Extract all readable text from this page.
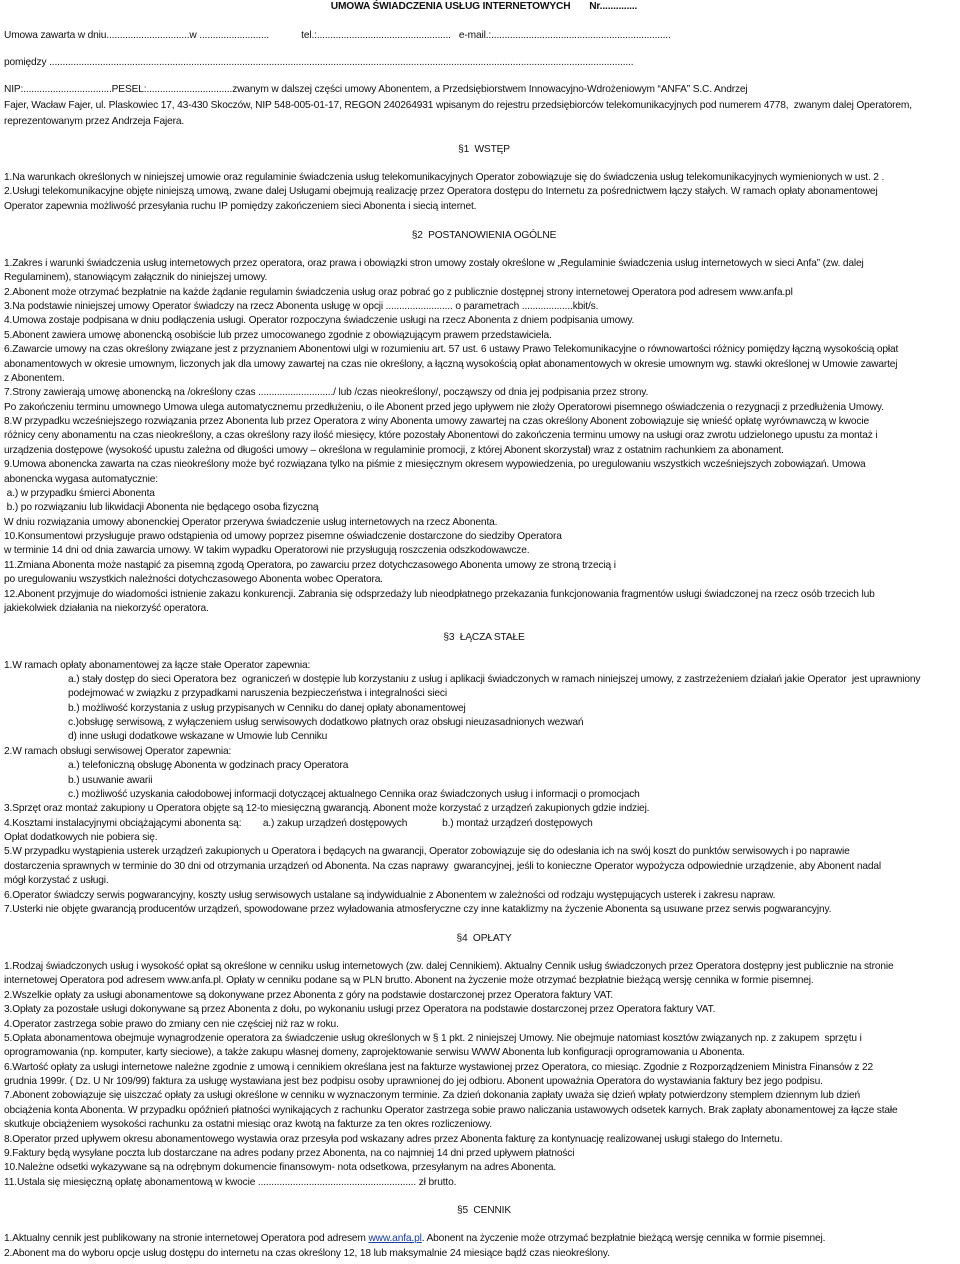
UMOWA ŚWIADCZENIA USŁUG INTERNETOWYCH       Nr..............
Umowa zawarta w dniu...............................w ..........................            tel.:..................................................   e-mail.:...................................................................
pomiędzy ..........................................................................................................................................................................................................................
NIP:.................................PESEL:................................zwanym w dalszej części umowy Abonentem, a Przedsiębiorstwem Innowacyjno-Wdrożeniowym “ANFA” S.C. Andrzej
Fajer, Wacław Fajer, ul. Plaskowiec 17, 43-430 Skoczów, NIP 548-005-01-17, REGON 240264931 wpisanym do rejestru przedsiębiorców telekomunikacyjnych pod numerem 4778,  zwanym dalej Operatorem,
reprezentowanym przez Andrzeja Fajera.
§1  WSTĘP
1.Na warunkach określonych w niniejszej umowie oraz regulaminie świadczenia usług telekomunikacyjnych Operator zobowiązuje się do świadczenia usług telekomunikacyjnych wymienionych w ust. 2 .
2.Usługi telekomunikacyjne objęte niniejszą umową, zwane dalej Usługami obejmują realizację przez Operatora dostępu do Internetu za pośrednictwem łączy stałych. W ramach opłaty abonamentowej
Operator zapewnia możliwość przesyłania ruchu IP pomiędzy zakończeniem sieci Abonenta i siecią internet.
§2  POSTANOWIENIA OGÓLNE
1.Zakres i warunki świadczenia usług internetowych przez operatora, oraz prawa i obowiązki stron umowy zostały określone w „Regulaminie świadczenia usług internetowych w sieci Anfa” (zw. dalej
Regulaminem), stanowiącym załącznik do niniejszej umowy.
2.Abonent może otrzymać bezpłatnie na każde żądanie regulamin świadczenia usług oraz pobrać go z publicznie dostępnej strony internetowej Operatora pod adresem www.anfa.pl
3.Na podstawie niniejszej umowy Operator świadczy na rzecz Abonenta usługę w opcji ......................... o parametrach ...................kbit/s.
4.Umowa zostaje podpisana w dniu podłączenia usługi. Operator rozpoczyna świadczenie usługi na rzecz Abonenta z dniem podpisania umowy.
5.Abonent zawiera umowę abonencką osobiście lub przez umocowanego zgodnie z obowiązującym prawem przedstawiciela.
6.Zawarcie umowy na czas określony związane jest z przyznaniem Abonentowi ulgi w rozumieniu art. 57 ust. 6 ustawy Prawo Telekomunikacyjne o równowartości różnicy pomiędzy łączną wysokością opłat
abonamentowych w okresie umownym, liczonych jak dla umowy zawartej na czas nie określony, a łączną wysokością opłat abonamentowych w okresie umownym wg. stawki określonej w Umowie zawartej
z Abonentem.
7.Strony zawierają umowę abonencką na /określony czas ............................/ lub /czas nieokreślony/, począwszy od dnia jej podpisania przez strony.
Po zakończeniu terminu umownego Umowa ulega automatycznemu przedłużeniu, o ile Abonent przed jego upływem nie złoży Operatorowi pisemnego oświadczenia o rezygnacji z przedłużenia Umowy.
8.W przypadku wcześniejszego rozwiązania przez Abonenta lub przez Operatora z winy Abonenta umowy zawartej na czas określony Abonent zobowiązuje się wnieść opłatę wyrównawczą w kwocie
różnicy ceny abonamentu na czas nieokreślony, a czas określony razy ilość miesięcy, które pozostały Abonentowi do zakończenia terminu umowy na usługi oraz zwrotu udzielonego upustu za montaż i
urządzenia dostępowe (wysokość upustu zależna od długości umowy – określona w regulaminie promocji, z której Abonent skorzystał) wraz z ostatnim rachunkiem za abonament.
9.Umowa abonencka zawarta na czas nieokreślony może być rozwiązana tylko na piśmie z miesięcznym okresem wypowiedzenia, po uregulowaniu wszystkich wcześniejszych zobowiązań. Umowa
abonencka wygasa automatycznie:
a.) w przypadku śmierci Abonenta
b.) po rozwiązaniu lub likwidacji Abonenta nie będącego osoba fizyczną
W dniu rozwiązania umowy abonenckiej Operator przerywa świadczenie usług internetowych na rzecz Abonenta.
10.Konsumentowi przysługuje prawo odstąpienia od umowy poprzez pisemne oświadczenie dostarczone do siedziby Operatora
w terminie 14 dni od dnia zawarcia umowy. W takim wypadku Operatorowi nie przysługują roszczenia odszkodowawcze.
11.Zmiana Abonenta może nastąpić za pisemną zgodą Operatora, po zawarciu przez dotychczasowego Abonenta umowy ze stroną trzecią i
po uregulowaniu wszystkich należności dotychczasowego Abonenta wobec Operatora.
12.Abonent przyjmuje do wiadomości istnienie zakazu konkurencji. Zabrania się odsprzedaży lub nieodpłatnego przekazania funkcjonowania fragmentów usługi świadczonej na rzecz osób trzecich lub
jakiekolwiek działania na niekorzyść operatora.
§3  ŁĄCZA STAŁE
1.W ramach opłaty abonamentowej za łącze stałe Operator zapewnia:
a.) stały dostęp do sieci Operatora bez  ograniczeń w dostępie lub korzystaniu z usług i aplikacji świadczonych w ramach niniejszej umowy, z zastrzeżeniem działań jakie Operator  jest uprawniony
podejmować w związku z przypadkami naruszenia bezpieczeństwa i integralności sieci
b.) możliwość korzystania z usług przypisanych w Cenniku do danej opłaty abonamentowej
c.)obsługę serwisową, z wyłączeniem usług serwisowych dodatkowo płatnych oraz obsługi nieuzasadnionych wezwań
d) inne usługi dodatkowe wskazane w Umowie lub Cenniku
2.W ramach obsługi serwisowej Operator zapewnia:
a.) telefoniczną obsługę Abonenta w godzinach pracy Operatora
b.) usuwanie awarii
c.) możliwość uzyskania całodobowej informacji dotyczącej aktualnego Cennika oraz świadczonych usług i informacji o promocjach
3.Sprzęt oraz montaż zakupiony u Operatora objęte są 12-to miesięczną gwarancją. Abonent może korzystać z urządzeń zakupionych gdzie indziej.
4.Kosztami instalacyjnymi obciążającymi abonenta są:        a.) zakup urządzeń dostępowych             b.) montaż urządzeń dostępowych
Opłat dodatkowych nie pobiera się.
5.W przypadku wystąpienia usterek urządzeń zakupionych u Operatora i będących na gwarancji, Operator zobowiązuje się do odesłania ich na swój koszt do punktów serwisowych i po naprawie
dostarczenia sprawnych w terminie do 30 dni od otrzymania urządzeń od Abonenta. Na czas naprawy  gwarancyjnej, jeśli to konieczne Operator wypożycza odpowiednie urządzenie, aby Abonent nadal
mógł korzystać z usługi.
6.Operator świadczy serwis pogwarancyjny, koszty usług serwisowych ustalane są indywidualnie z Abonentem w zależności od rodzaju występujących usterek i zakresu napraw.
7.Usterki nie objęte gwarancją producentów urządzeń, spowodowane przez wyładowania atmosferyczne czy inne kataklizmy na życzenie Abonenta są usuwane przez serwis pogwarancyjny.
§4  OPŁATY
1.Rodzaj świadczonych usług i wysokość opłat są określone w cenniku usług internetowych (zw. dalej Cennikiem). Aktualny Cennik usług świadczonych przez Operatora dostępny jest publicznie na stronie
internetowej Operatora pod adresem www.anfa.pl. Opłaty w cenniku podane są w PLN brutto. Abonent na życzenie może otrzymać bezpłatnie bieżącą wersję cennika w formie pisemnej.
2.Wszelkie opłaty za usługi abonamentowe są dokonywane przez Abonenta z góry na podstawie dostarczonej przez Operatora faktury VAT.
3.Opłaty za pozostałe usługi dokonywane są przez Abonenta z dołu, po wykonaniu usługi przez Operatora na podstawie dostarczonej przez Operatora faktury VAT.
4.Operator zastrzega sobie prawo do zmiany cen nie częściej niż raz w roku.
5.Opłata abonamentowa obejmuje wynagrodzenie operatora za świadczenie usług określonych w § 1 pkt. 2 niniejszej Umowy. Nie obejmuje natomiast kosztów związanych np. z zakupem  sprzętu i
oprogramowania (np. komputer, karty sieciowe), a także zakupu własnej domeny, zaprojektowanie serwisu WWW Abonenta lub konfiguracji oprogramowania u Abonenta.
6.Wartość opłaty za usługi internetowe należne zgodnie z umową i cennikiem określana jest na fakturze wystawionej przez Operatora, co miesiąc. Zgodnie z Rozporządzeniem Ministra Finansów z 22
grudnia 1999r. ( Dz. U Nr 109/99) faktura za usługę wystawiana jest bez podpisu osoby uprawnionej do jej odbioru. Abonent upoważnia Operatora do wystawiania faktury bez jego podpisu.
7.Abonent zobowiązuje się uiszczać opłaty za usługi określone w cenniku w wyznaczonym terminie. Za dzień dokonania zapłaty uważa się dzień wpłaty potwierdzony stemplem dziennym lub dzień
obciążenia konta Abonenta. W przypadku opóźnień płatności wynikających z rachunku Operator zastrzega sobie prawo naliczania ustawowych odsetek karnych. Brak zapłaty abonamentowej za łącze stałe
skutkuje obciążeniem wysokości rachunku za ostatni miesiąc oraz kwotą na fakturze za ten okres rozliczeniowy.
8.Operator przed upływem okresu abonamentowego wystawia oraz przesyła pod wskazany adres przez Abonenta fakturę za kontynuację realizowanej usługi stałego do Internetu.
9.Faktury będą wysyłane poczta lub dostarczane na adres podany przez Abonenta, na co najmniej 14 dni przed upływem płatności
10.Należne odsetki wykazywane są na odrębnym dokumencie finansowym- nota odsetkowa, przesyłanym na adres Abonenta.
11.Ustala się miesięczną opłatę abonamentową w kwocie ........................................................... zł brutto.
§5  CENNIK
1.Aktualny cennik jest publikowany na stronie internetowej Operatora pod adresem www.anfa.pl. Abonent na życzenie może otrzymać bezpłatnie bieżącą wersję cennika w formie pisemnej.
2.Abonent ma do wyboru opcje usług dostępu do internetu na czas określony 12, 18 lub maksymalnie 24 miesiące bądź czas nieokreślony.
